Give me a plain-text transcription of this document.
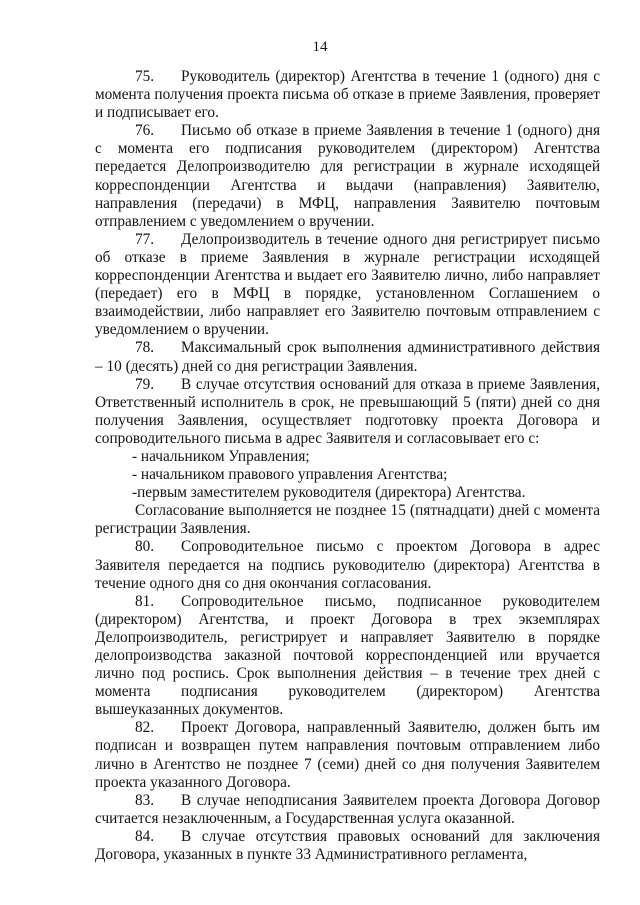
14

75. Руководитель (директор) Агентства в течение 1 (одного) дня с момента получения проекта письма об отказе в приеме Заявления, проверяет и подписывает его.

76. Письмо об отказе в приеме Заявления в течение 1 (одного) дня с момента его подписания руководителем (директором) Агентства передается Делопроизводителю для регистрации в журнале исходящей корреспонденции Агентства и выдачи (направления) Заявителю, направления (передачи) в МФЦ, направления Заявителю почтовым отправлением с уведомлением о вручении.

77. Делопроизводитель в течение одного дня регистрирует письмо об отказе в приеме Заявления в журнале регистрации исходящей корреспонденции Агентства и выдает его Заявителю лично, либо направляет (передает) его в МФЦ в порядке, установленном Соглашением о взаимодействии, либо направляет его Заявителю почтовым отправлением с уведомлением о вручении.

78. Максимальный срок выполнения административного действия – 10 (десять) дней со дня регистрации Заявления.

79. В случае отсутствия оснований для отказа в приеме Заявления, Ответственный исполнитель в срок, не превышающий 5 (пяти) дней со дня получения Заявления, осуществляет подготовку проекта Договора и сопроводительного письма в адрес Заявителя и согласовывает его с:

- начальником Управления;

- начальником правового управления Агентства;

-первым заместителем руководителя (директора) Агентства.

Согласование выполняется не позднее 15 (пятнадцати) дней с момента регистрации Заявления.

80. Сопроводительное письмо с проектом Договора в адрес Заявителя передается на подпись руководителю (директора) Агентства в течение одного дня со дня окончания согласования.

81. Сопроводительное письмо, подписанное руководителем (директором) Агентства, и проект Договора в трех экземплярах Делопроизводитель, регистрирует и направляет Заявителю в порядке делопроизводства заказной почтовой корреспонденцией или вручается лично под роспись. Срок выполнения действия – в течение трех дней с момента подписания руководителем (директором) Агентства вышеуказанных документов.

82. Проект Договора, направленный Заявителю, должен быть им подписан и возвращен путем направления почтовым отправлением либо лично в Агентство не позднее 7 (семи) дней со дня получения Заявителем проекта указанного Договора.

83. В случае неподписания Заявителем проекта Договора Договор считается незаключенным, а Государственная услуга оказанной.

84. В случае отсутствия правовых оснований для заключения Договора, указанных в пункте 33 Административного регламента,
